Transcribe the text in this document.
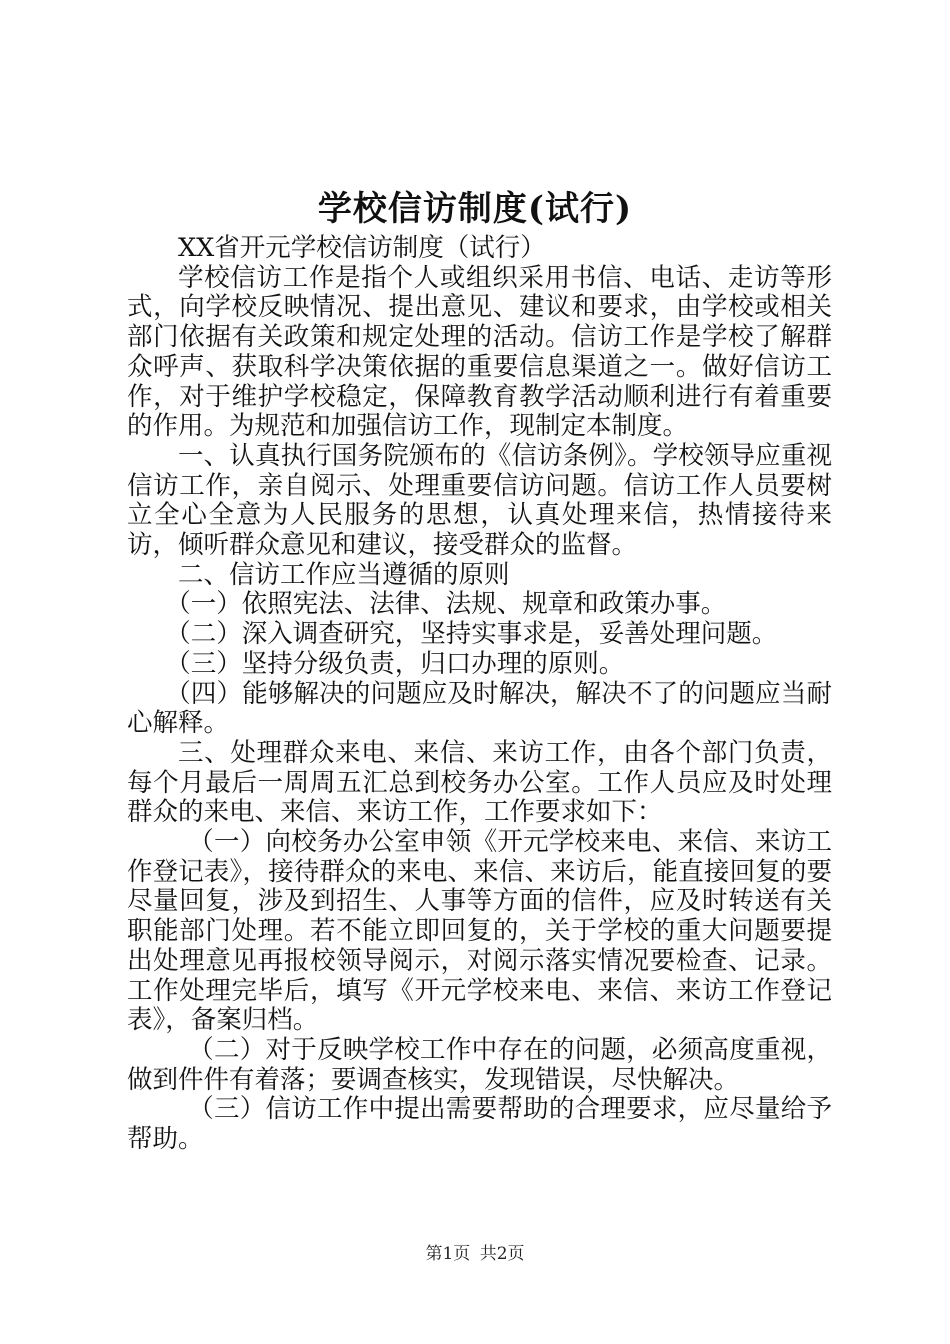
学校信访制度(试行)

XX省开元学校信访制度（试行）

学校信访工作是指个人或组织采用书信、电话、走访等形式，向学校反映情况、提出意见、建议和要求，由学校或相关部门依据有关政策和规定处理的活动。信访工作是学校了解群众呼声、获取科学决策依据的重要信息渠道之一。做好信访工作，对于维护学校稳定，保障教育教学活动顺利进行有着重要的作用。为规范和加强信访工作，现制定本制度。

一、认真执行国务院颁布的《信访条例》。学校领导应重视信访工作，亲自阅示、处理重要信访问题。信访工作人员要树立全心全意为人民服务的思想，认真处理来信，热情接待来访，倾听群众意见和建议，接受群众的监督。

二、信访工作应当遵循的原则

（一）依照宪法、法律、法规、规章和政策办事。

（二）深入调查研究，坚持实事求是，妥善处理问题。

（三）坚持分级负责，归口办理的原则。

（四）能够解决的问题应及时解决，解决不了的问题应当耐心解释。

三、处理群众来电、来信、来访工作，由各个部门负责，每个月最后一周周五汇总到校务办公室。工作人员应及时处理群众的来电、来信、来访工作，工作要求如下：

（一）向校务办公室申领《开元学校来电、来信、来访工作登记表》，接待群众的来电、来信、来访后，能直接回复的要尽量回复，涉及到招生、人事等方面的信件，应及时转送有关职能部门处理。若不能立即回复的，关于学校的重大问题要提出处理意见再报校领导阅示，对阅示落实情况要检查、记录。工作处理完毕后，填写《开元学校来电、来信、来访工作登记表》，备案归档。

（二）对于反映学校工作中存在的问题，必须高度重视，做到件件有着落；要调查核实，发现错误，尽快解决。

（三）信访工作中提出需要帮助的合理要求，应尽量给予帮助。

第1页 共2页
